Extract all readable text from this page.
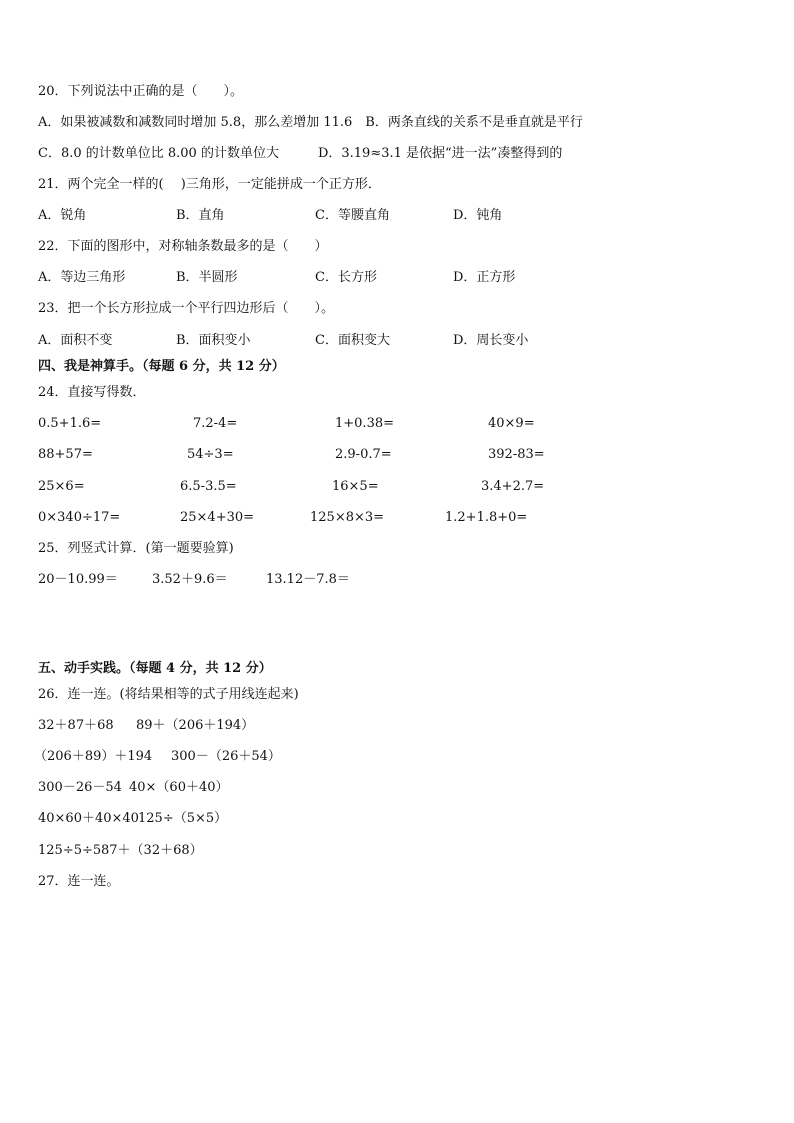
20．下列说法中正确的是（　　）。
A．如果被减数和减数同时增加 5.8，那么差增加 11.6　B．两条直线的关系不是垂直就是平行
C．8.0 的计数单位比 8.00 的计数单位大　　　D．3.19≈3.1 是依据“进一法”凑整得到的
21．两个完全一样的(　 )三角形，一定能拼成一个正方形．
A．锐角	B．直角	C．等腰直角	D．钝角
22．下面的图形中，对称轴条数最多的是（　　）
A．等边三角形	B．半圆形	C．长方形	D．正方形
23．把一个长方形拉成一个平行四边形后（　　）。
A．面积不变	B．面积变小	C．面积变大	D．周长变小
四、我是神算手。（每题 6 分，共 12 分）
24．直接写得数．
0.5+1.6=	7.2-4=	1+0.38=	40×9=
88+57=	54÷3=	2.9-0.7=	392-83=
25×6=	6.5-3.5=	16×5=	3.4+2.7=
0×340÷17=	25×4+30=	125×8×3=	1.2+1.8+0=
25．列竖式计算．(第一题要验算)
20－10.99＝	3.52＋9.6＝	13.12－7.8＝
五、动手实践。（每题 4 分，共 12 分）
26．连一连。(将结果相等的式子用线连起来)
32＋87＋68 89＋（206＋194）
（206＋89）＋194 300－（26＋54）
300－26－54 40×（60＋40）
40×60＋40×40 125÷（5×5）
125÷5÷5 87＋（32＋68）
27．连一连。
